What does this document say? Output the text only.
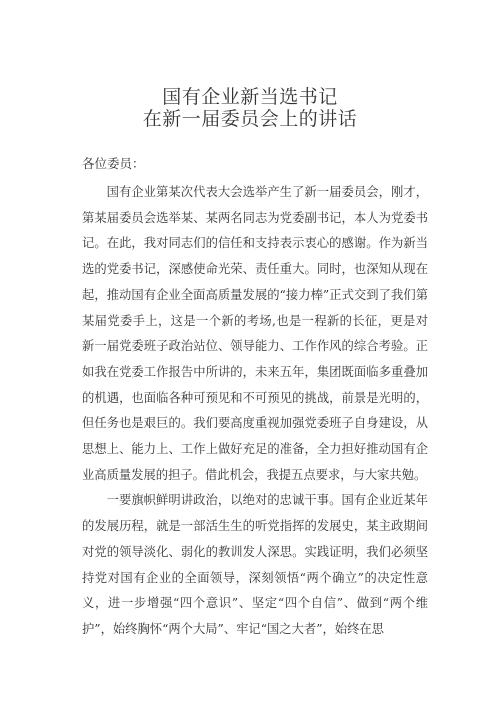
国有企业新当选书记
在新一届委员会上的讲话
各位委员：

国有企业第某次代表大会选举产生了新一届委员会，刚才，第某届委员会选举某、某两名同志为党委副书记，本人为党委书记。在此，我对同志们的信任和支持表示衷心的感谢。作为新当选的党委书记，深感使命光荣、责任重大。同时，也深知从现在起，推动国有企业全面高质量发展的“接力棒”正式交到了我们第某届党委手上，这是一个新的考场,也是一程新的长征，更是对新一届党委班子政治站位、领导能力、工作作风的综合考验。正如我在党委工作报告中所讲的，未来五年，集团既面临多重叠加的机遇，也面临各种可预见和不可预见的挑战，前景是光明的，但任务也是艰巨的。我们要高度重视加强党委班子自身建设，从思想上、能力上、工作上做好充足的准备，全力担好推动国有企业高质量发展的担子。借此机会，我提五点要求，与大家共勉。

一要旗帜鲜明讲政治，以绝对的忠诚干事。国有企业近某年的发展历程，就是一部活生生的听党指挥的发展史，某主政期间对党的领导淡化、弱化的教训发人深思。实践证明，我们必须坚持党对国有企业的全面领导，深刻领悟“两个确立”的决定性意义，进一步增强“四个意识”、坚定“四个自信”、做到“两个维护”，始终胸怀“两个大局”、牢记“国之大者”，始终在思
